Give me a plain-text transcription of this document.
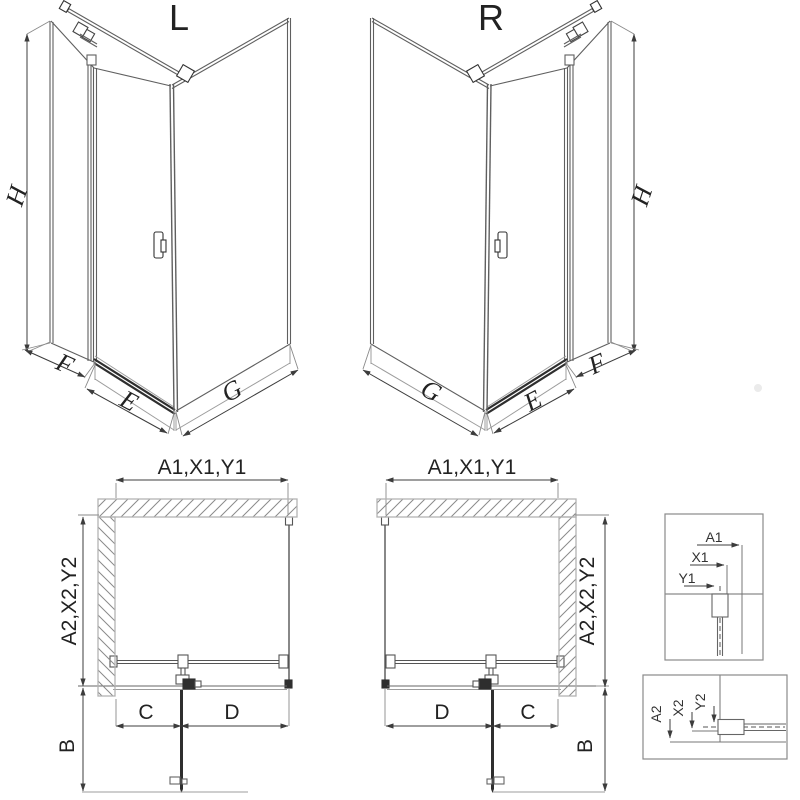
L	R
H
F
E	G
H
F
E
G
A1,X1,Y1
A2,X2,Y2
B
C	D
A1,X1,Y1
A2,X2,Y2
B
C
D
A1
X1
Y1
A2 X2 Y2
